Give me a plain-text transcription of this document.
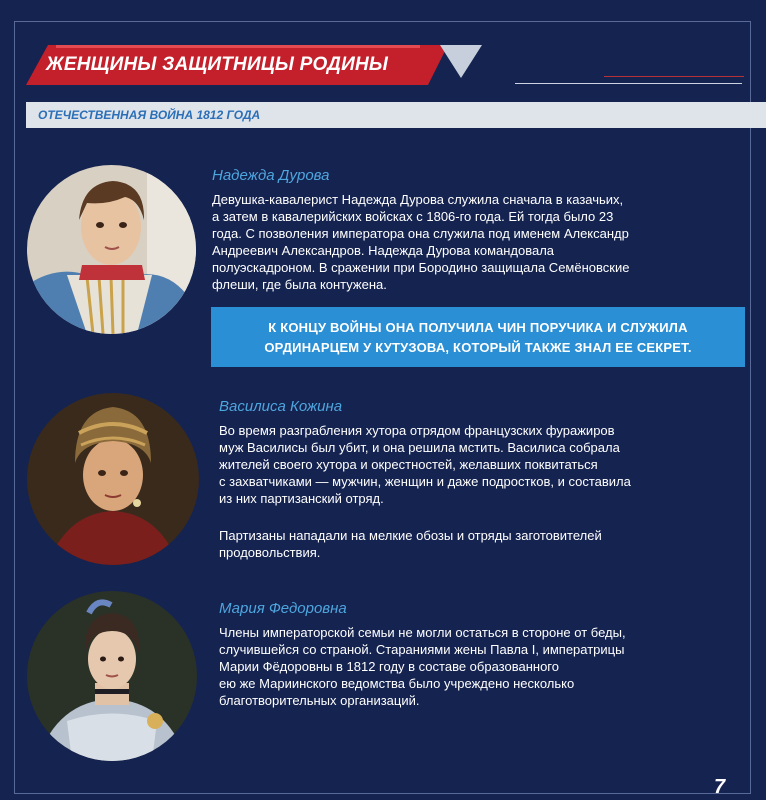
ЖЕНЩИНЫ ЗАЩИТНИЦЫ РОДИНЫ
ОТЕЧЕСТВЕННАЯ ВОЙНА 1812 ГОДА
Надежда Дурова
Девушка-кавалерист Надежда Дурова служила сначала в казачьих,
а затем в кавалерийских войсках с 1806-го года. Ей тогда было 23
года. С позволения императора она служила под именем Александр
Андреевич Александров. Надежда Дурова командовала
полуэскадроном. В сражении при Бородино защищала Семёновские
флеши, где была контужена.
К КОНЦУ ВОЙНЫ ОНА ПОЛУЧИЛА ЧИН ПОРУЧИКА И СЛУЖИЛА
ОРДИНАРЦЕМ У КУТУЗОВА, КОТОРЫЙ ТАКЖЕ ЗНАЛ ЕЕ СЕКРЕТ.
Василиса Кожина
Во время разграбления хутора отрядом французских фуражиров
муж Василисы был убит, и она решила мстить. Василиса собрала
жителей своего хутора и окрестностей, желавших поквитаться
с захватчиками — мужчин, женщин и даже подростков, и составила
из них партизанский отряд.
Партизаны нападали на мелкие обозы и отряды заготовителей
продовольствия.
Мария Федоровна
Члены императорской семьи не могли остаться в стороне от беды,
случившейся со страной. Стараниями жены Павла I, императрицы
Марии Фёдоровны в 1812 году в составе образованного
ею же Мариинского ведомства было учреждено несколько
благотворительных организаций.
7
